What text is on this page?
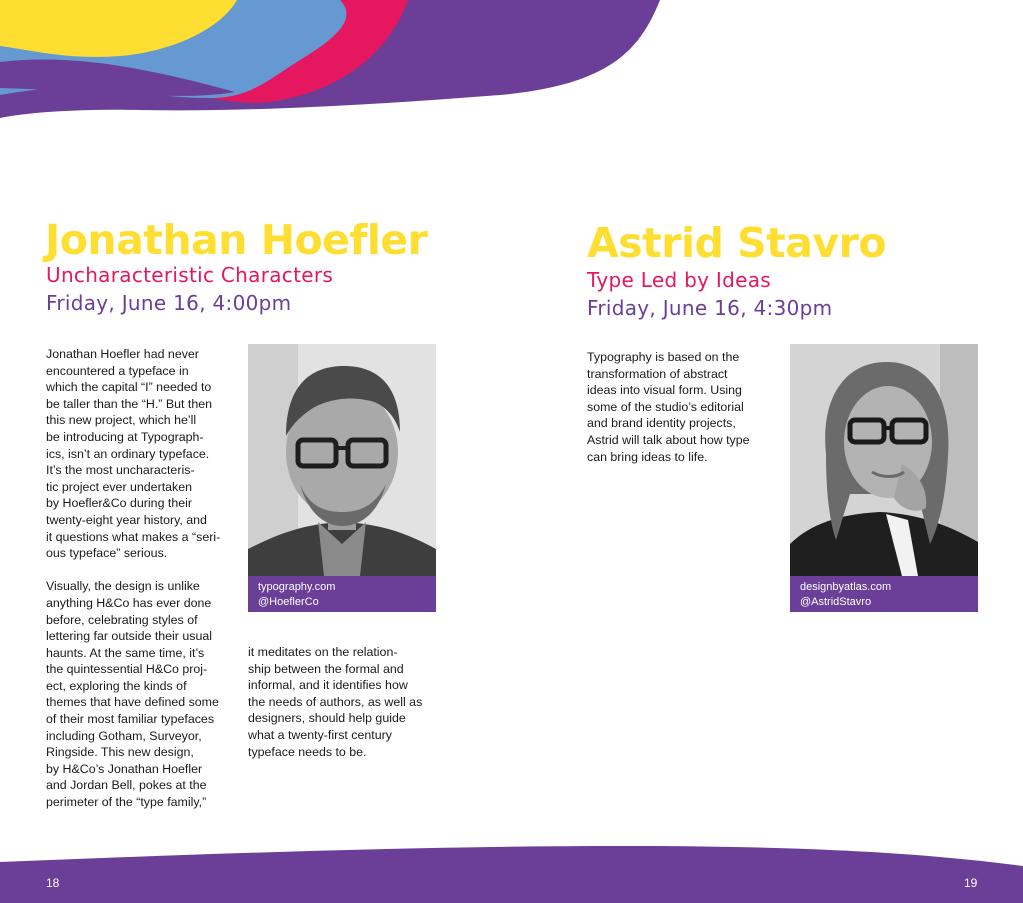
Jonathan Hoefler
Uncharacteristic Characters
Friday, June 16, 4:00pm

Jonathan Hoefler had never

encountered a typeface in

which the capital “I” needed to

be taller than the “H.” But then

this new project, which he’ll

be introducing at Typograph-

ics, isn’t an ordinary typeface.

It’s the most uncharacteris-

tic project ever undertaken

by Hoefler&Co during their

twenty-eight year history, and

it questions what makes a “seri-

ous typeface” serious.

Visually, the design is unlike

anything H&Co has ever done

before, celebrating styles of

lettering far outside their usual

haunts. At the same time, it’s

the quintessential H&Co proj-

ect, exploring the kinds of

themes that have defined some

of their most familiar typefaces

including Gotham, Surveyor,

Ringside. This new design,

by H&Co’s Jonathan Hoefler

and Jordan Bell, pokes at the

perimeter of the “type family,”

typography.com
@HoeflerCo

it meditates on the relation-

ship between the formal and

informal, and it identifies how

the needs of authors, as well as

designers, should help guide

what a twenty-first century

typeface needs to be.

18
Astrid Stavro
Type Led by Ideas
Friday, June 16, 4:30pm

Typography is based on the

transformation of abstract

ideas into visual form. Using

some of the studio’s editorial

and brand identity projects,

Astrid will talk about how type

can bring ideas to life.

designbyatlas.com
@AstridStavro
19
